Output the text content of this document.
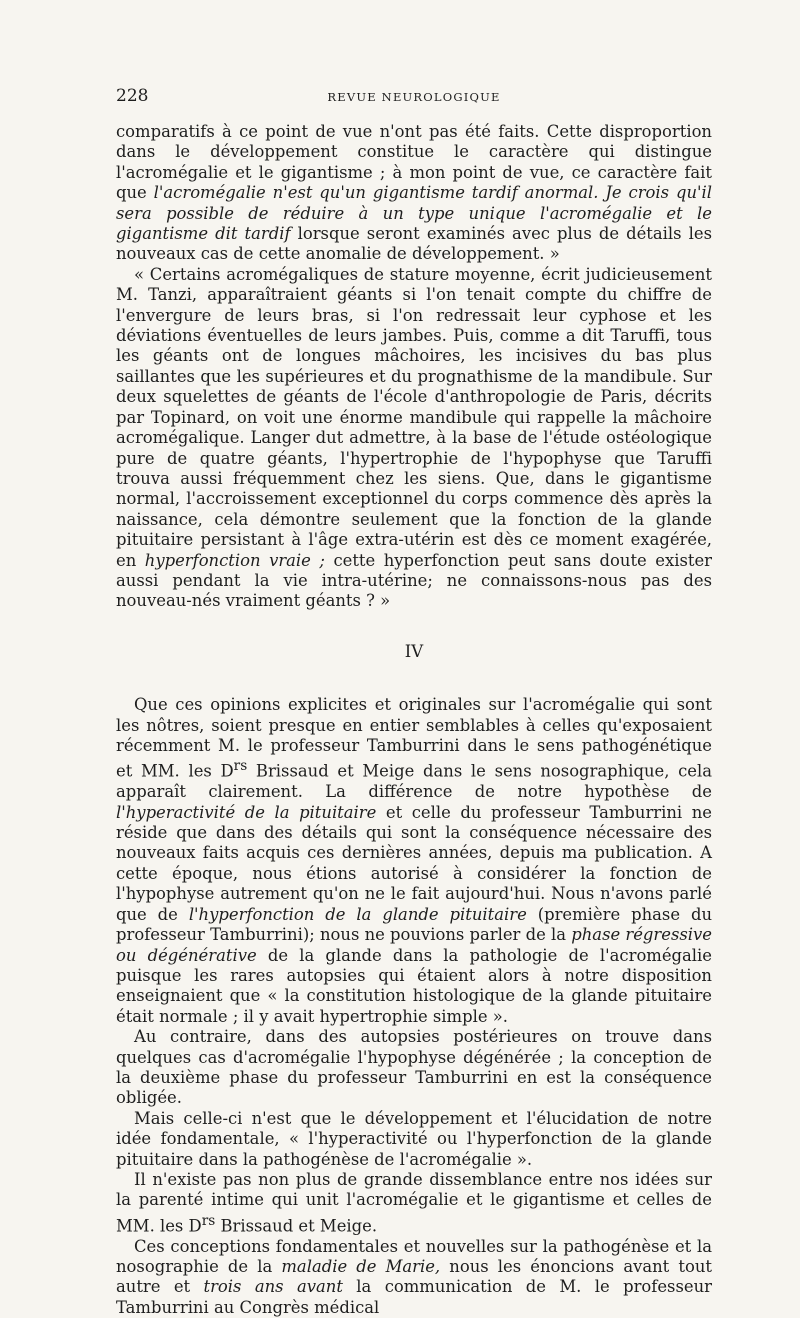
228	REVUE NEUROLOGIQUE

comparatifs à ce point de vue n'ont pas été faits. Cette disproportion dans le développement constitue le caractère qui distingue l'acromégalie et le gigantisme ; à mon point de vue, ce caractère fait que l'acromégalie n'est qu'un gigantisme tardif anormal. Je crois qu'il sera possible de réduire à un type unique l'acromégalie et le gigantisme dit tardif lorsque seront examinés avec plus de détails les nouveaux cas de cette anomalie de développement. »

« Certains acromégaliques de stature moyenne, écrit judicieusement M. Tanzi, apparaîtraient géants si l'on tenait compte du chiffre de l'envergure de leurs bras, si l'on redressait leur cyphose et les déviations éventuelles de leurs jambes. Puis, comme a dit Taruffi, tous les géants ont de longues mâchoires, les incisives du bas plus saillantes que les supérieures et du prognathisme de la mandibule. Sur deux squelettes de géants de l'école d'anthropologie de Paris, décrits par Topinard, on voit une énorme mandibule qui rappelle la mâchoire acromégalique. Langer dut admettre, à la base de l'étude ostéologique pure de quatre géants, l'hypertrophie de l'hypophyse que Taruffi trouva aussi fréquemment chez les siens. Que, dans le gigantisme normal, l'accroissement exceptionnel du corps commence dès après la naissance, cela démontre seulement que la fonction de la glande pituitaire persistant à l'âge extra-utérin est dès ce moment exagérée, en hyperfonction vraie ; cette hyperfonction peut sans doute exister aussi pendant la vie intra-utérine; ne connaissons-nous pas des nouveau-nés vraiment géants ? »

IV

Que ces opinions explicites et originales sur l'acromégalie qui sont les nôtres, soient presque en entier semblables à celles qu'exposaient récemment M. le professeur Tamburrini dans le sens pathogénétique et MM. les $D^{rs}$ Brissaud et Meige dans le sens nosographique, cela apparaît clairement. La différence de notre hypothèse de l'hyperactivité de la pituitaire et celle du professeur Tamburrini ne réside que dans des détails qui sont la conséquence nécessaire des nouveaux faits acquis ces dernières années, depuis ma publication. A cette époque, nous étions autorisé à considérer la fonction de l'hypophyse autrement qu'on ne le fait aujourd'hui. Nous n'avons parlé que de l'hyperfonction de la glande pituitaire (première phase du professeur Tamburrini); nous ne pouvions parler de la phase régressive ou dégénérative de la glande dans la pathologie de l'acromégalie puisque les rares autopsies qui étaient alors à notre disposition enseignaient que « la constitution histologique de la glande pituitaire était normale ; il y avait hypertrophie simple ».

Au contraire, dans des autopsies postérieures on trouve dans quelques cas d'acromégalie l'hypophyse dégénérée ; la conception de la deuxième phase du professeur Tamburrini en est la conséquence obligée.

Mais celle-ci n'est que le développement et l'élucidation de notre idée fondamentale, « l'hyperactivité ou l'hyperfonction de la glande pituitaire dans la pathogénèse de l'acromégalie ».

Il n'existe pas non plus de grande dissemblance entre nos idées sur la parenté intime qui unit l'acromégalie et le gigantisme et celles de MM. les $D^{rs}$ Brissaud et Meige.

Ces conceptions fondamentales et nouvelles sur la pathogénèse et la nosographie de la maladie de Marie, nous les énoncions avant tout autre et trois ans avant la communication de M. le professeur Tamburrini au Congrès médical
